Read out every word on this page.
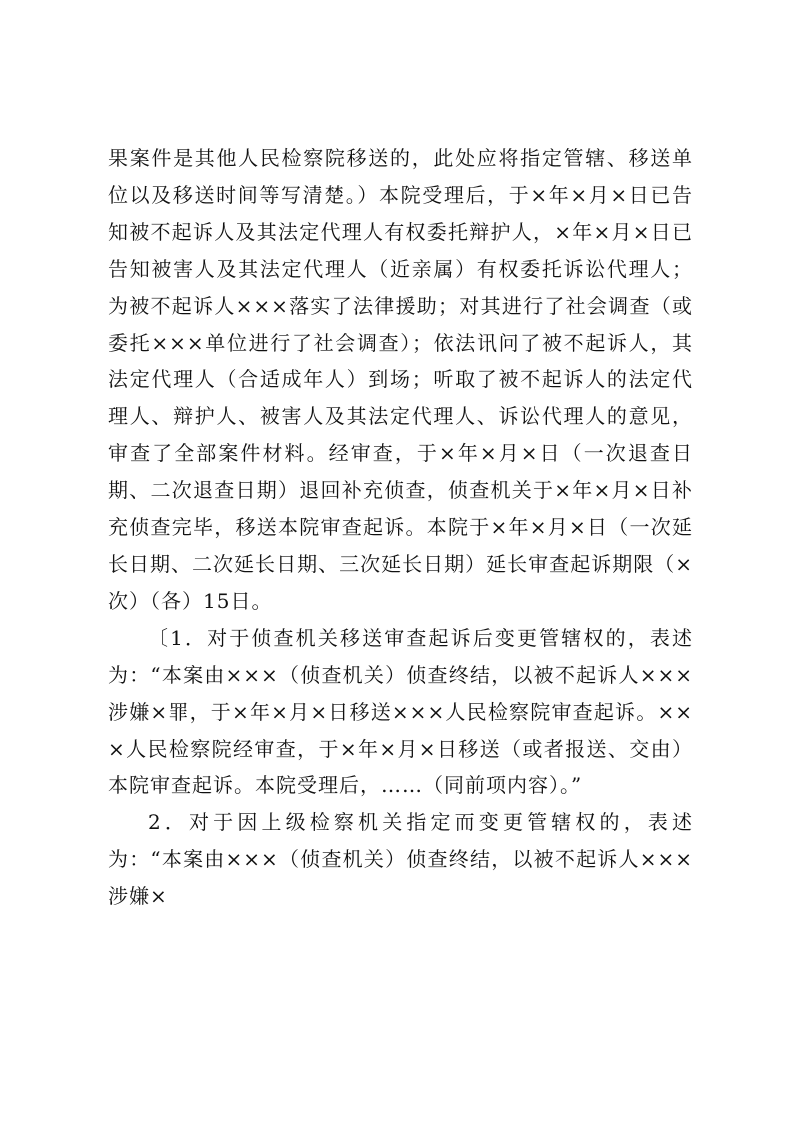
果案件是其他人民检察院移送的，此处应将指定管辖、移送单位以及移送时间等写清楚。）本院受理后，于×年×月×日已告知被不起诉人及其法定代理人有权委托辩护人，×年×月×日已告知被害人及其法定代理人（近亲属）有权委托诉讼代理人；为被不起诉人×××落实了法律援助；对其进行了社会调查（或委托×××单位进行了社会调查）；依法讯问了被不起诉人，其法定代理人（合适成年人）到场；听取了被不起诉人的法定代理人、辩护人、被害人及其法定代理人、诉讼代理人的意见，审查了全部案件材料。经审查，于×年×月×日（一次退查日期、二次退查日期）退回补充侦查，侦查机关于×年×月×日补充侦查完毕，移送本院审查起诉。本院于×年×月×日（一次延长日期、二次延长日期、三次延长日期）延长审查起诉期限（×次）（各）15日。

〔1．对于侦查机关移送审查起诉后变更管辖权的，表述为：“本案由×××（侦查机关）侦查终结，以被不起诉人×××涉嫌×罪，于×年×月×日移送×××人民检察院审查起诉。×××人民检察院经审查，于×年×月×日移送（或者报送、交由）本院审查起诉。本院受理后，……（同前项内容）。”

2．对于因上级检察机关指定而变更管辖权的，表述为：“本案由×××（侦查机关）侦查终结，以被不起诉人×××涉嫌×
